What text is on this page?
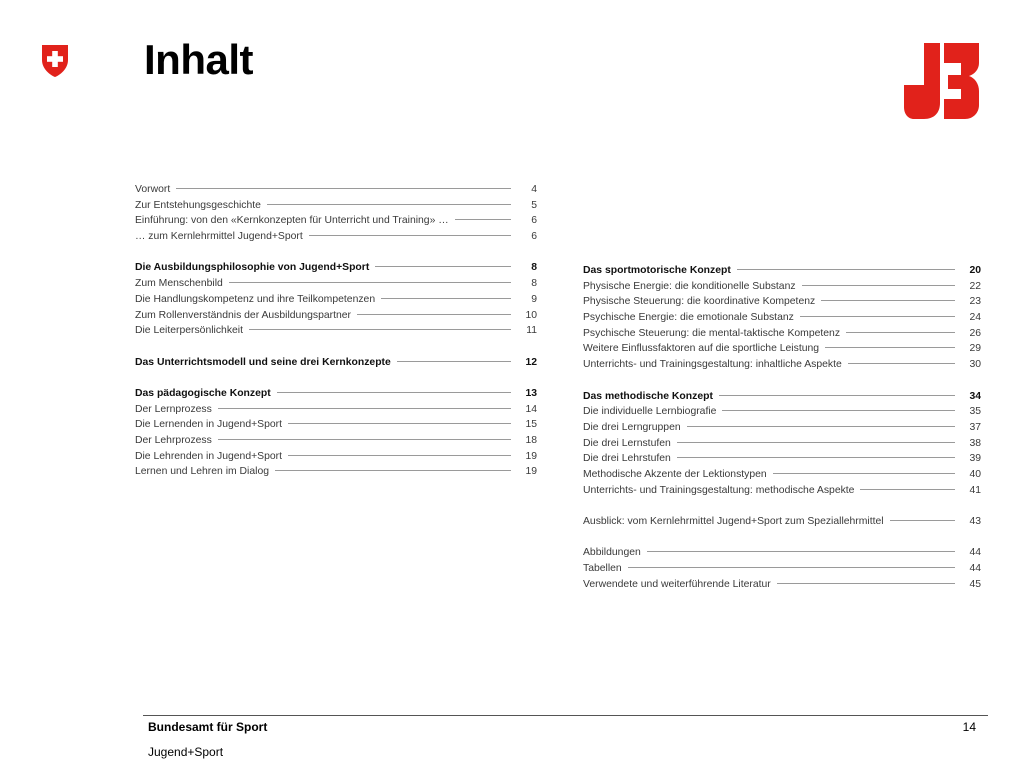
Inhalt
Vorwort	4
Zur Entstehungsgeschichte	5
Einführung: von den «Kernkonzepten für Unterricht und Training» …	6
… zum Kernlehrmittel Jugend+Sport	6
Die Ausbildungsphilosophie von Jugend+Sport	8
Zum Menschenbild	8
Die Handlungskompetenz und ihre Teilkompetenzen	9
Zum Rollenverständnis der Ausbildungspartner	10
Die Leiterpersönlichkeit	11
Das Unterrichtsmodell und seine drei Kernkonzepte	12
Das pädagogische Konzept	13
Der Lernprozess	14
Die Lernenden in Jugend+Sport	15
Der Lehrprozess	18
Die Lehrenden in Jugend+Sport	19
Lernen und Lehren im Dialog	19
Das sportmotorische Konzept	20
Physische Energie: die konditionelle Substanz	22
Physische Steuerung: die koordinative Kompetenz	23
Psychische Energie: die emotionale Substanz	24
Psychische Steuerung: die mental-taktische Kompetenz	26
Weitere Einflussfaktoren auf die sportliche Leistung	29
Unterrichts- und Trainingsgestaltung: inhaltliche Aspekte	30
Das methodische Konzept	34
Die individuelle Lernbiografie	35
Die drei Lerngruppen	37
Die drei Lernstufen	38
Die drei Lehrstufen	39
Methodische Akzente der Lektionstypen	40
Unterrichts- und Trainingsgestaltung: methodische Aspekte	41
Ausblick: vom Kernlehrmittel Jugend+Sport zum Speziallehrmittel	43
Abbildungen	44
Tabellen	44
Verwendete und weiterführende Literatur	45
Bundesamt für Sport
Jugend+Sport
14
